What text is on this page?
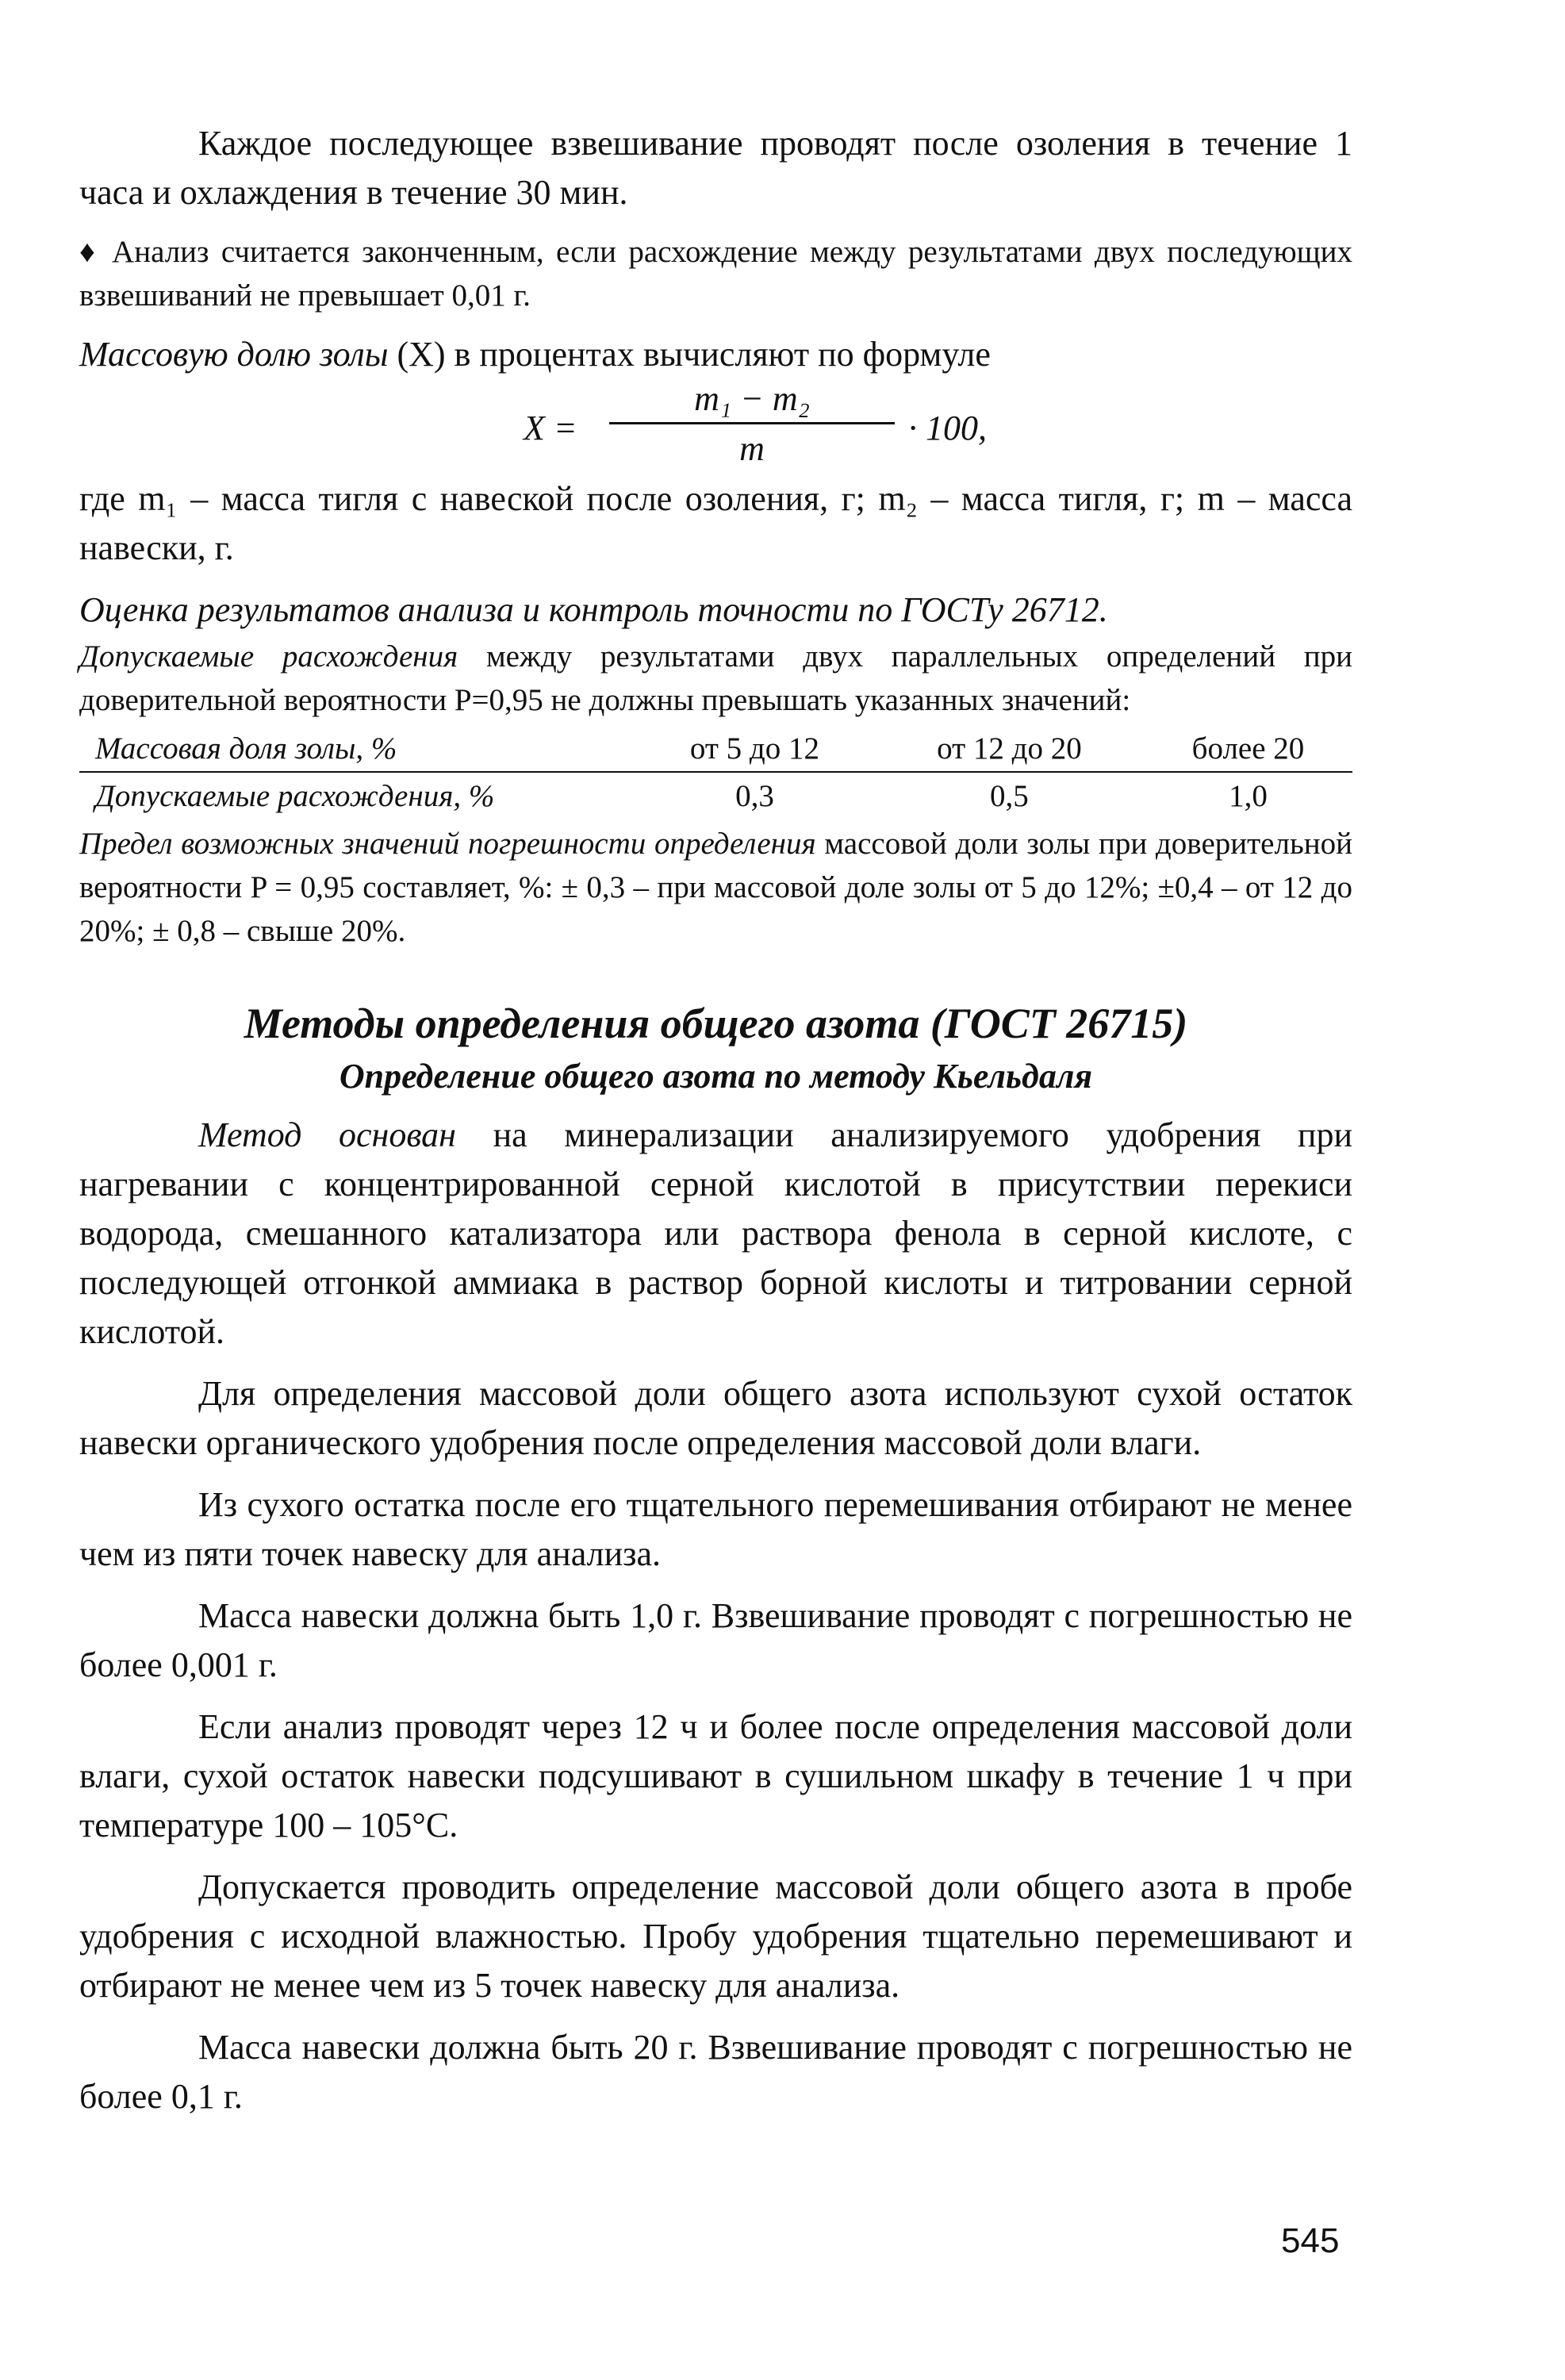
Каждое последующее взвешивание проводят после озоления в течение 1 часа и охлаждения в течение 30 мин.

♦ Анализ считается законченным, если расхождение между результатами двух последующих взвешиваний не превышает 0,01 г.

Массовую долю золы (X) в процентах вычисляют по формуле

X =
m₁ − m₂
m
· 100,

где m₁ – масса тигля с навеской после озоления, г; m₂ – масса тигля, г; m – масса навески, г.

Оценка результатов анализа и контроль точности по ГОСТу 26712.

Допускаемые расхождения между результатами двух параллельных определений при доверительной вероятности P=0,95 не должны превышать указанных значений:

Массовая доля золы, %	от 5 до 12	от 12 до 20	более 20
Допускаемые расхождения, %	0,3	0,5	1,0

Предел возможных значений погрешности определения массовой доли золы при доверительной вероятности P = 0,95 составляет, %: ± 0,3 – при массовой доле золы от 5 до 12%; ±0,4 – от 12 до 20%; ± 0,8 – свыше 20%.

Методы определения общего азота (ГОСТ 26715)
Определение общего азота по методу Кьельдаля

Метод основан на минерализации анализируемого удобрения при нагревании с концентрированной серной кислотой в присутствии перекиси водорода, смешанного катализатора или раствора фенола в серной кислоте, с последующей отгонкой аммиака в раствор борной кислоты и титровании серной кислотой.

Для определения массовой доли общего азота используют сухой остаток навески органического удобрения после определения массовой доли влаги.

Из сухого остатка после его тщательного перемешивания отбирают не менее чем из пяти точек навеску для анализа.

Масса навески должна быть 1,0 г. Взвешивание проводят с погрешностью не более 0,001 г.

Если анализ проводят через 12 ч и более после определения массовой доли влаги, сухой остаток навески подсушивают в сушильном шкафу в течение 1 ч при температуре 100 – 105°С.

Допускается проводить определение массовой доли общего азота в пробе удобрения с исходной влажностью. Пробу удобрения тщательно перемешивают и отбирают не менее чем из 5 точек навеску для анализа.

Масса навески должна быть 20 г. Взвешивание проводят с погрешностью не более 0,1 г.

545
